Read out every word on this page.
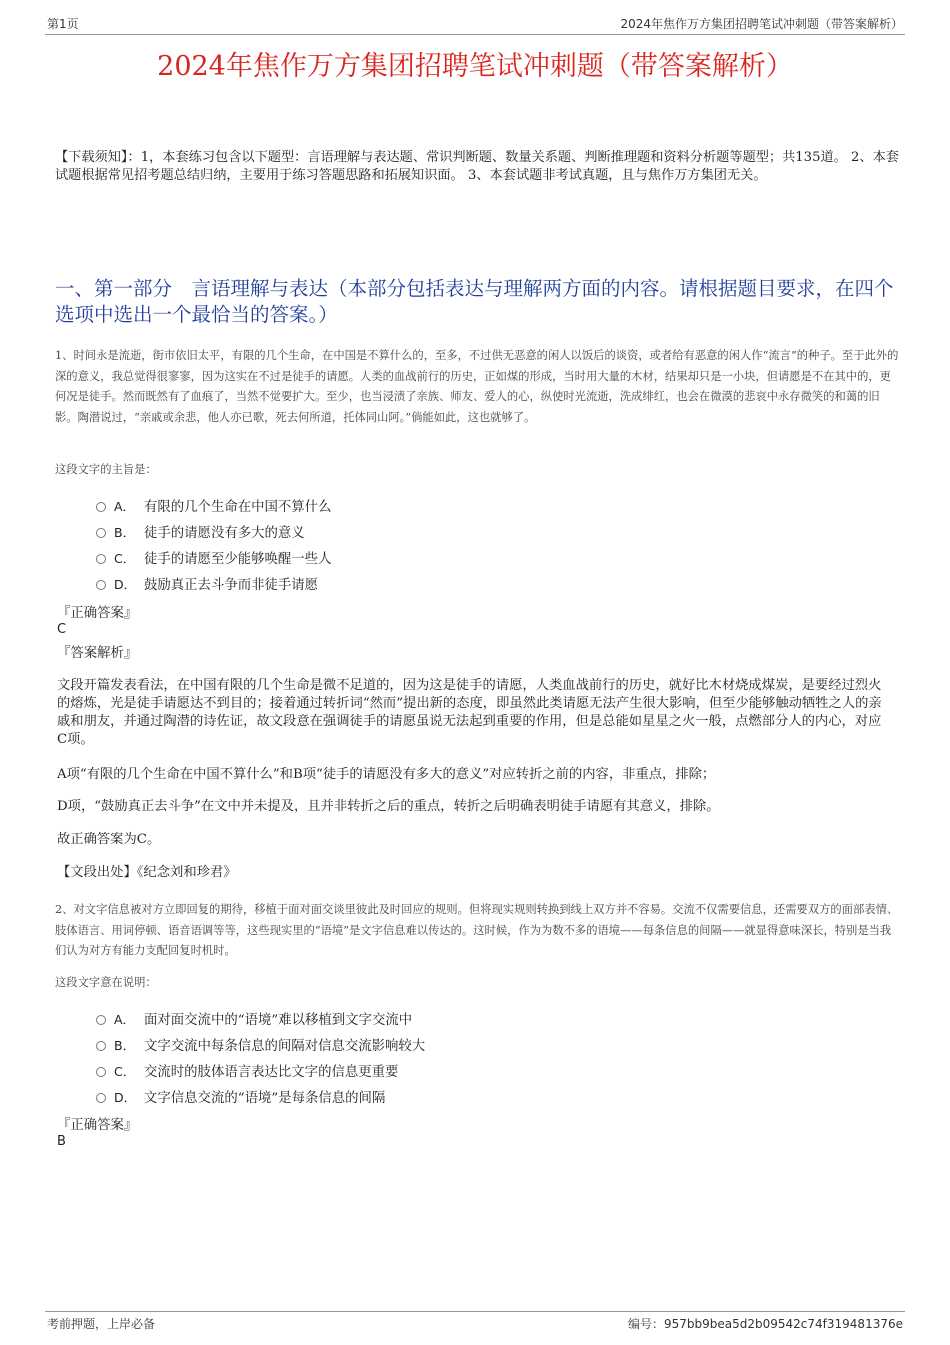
第1页	2024年焦作万方集团招聘笔试冲刺题（带答案解析）
2024年焦作万方集团招聘笔试冲刺题（带答案解析）
【下载须知】：1，本套练习包含以下题型：言语理解与表达题、常识判断题、数量关系题、判断推理题和资料分析题等题型；共135道。 2、本套试题根据常见招考题总结归纳，主要用于练习答题思路和拓展知识面。 3、本套试题非考试真题，且与焦作万方集团无关。
一、第一部分　言语理解与表达（本部分包括表达与理解两方面的内容。请根据题目要求，在四个选项中选出一个最恰当的答案。）
1、时间永是流逝，街市依旧太平，有限的几个生命，在中国是不算什么的，至多，不过供无恶意的闲人以饭后的谈资，或者给有恶意的闲人作“流言”的种子。至于此外的深的意义，我总觉得很寥寥，因为这实在不过是徒手的请愿。人类的血战前行的历史，正如煤的形成，当时用大量的木材，结果却只是一小块，但请愿是不在其中的，更何况是徒手。然而既然有了血痕了，当然不觉要扩大。至少，也当浸渍了亲族、师友、爱人的心，纵使时光流逝，洗成绯红，也会在微漠的悲哀中永存微笑的和蔼的旧影。陶潜说过，“亲戚或余悲，他人亦已歌，死去何所道，托体同山阿。”倘能如此，这也就够了。
这段文字的主旨是：
A． 有限的几个生命在中国不算什么
B． 徒手的请愿没有多大的意义
C． 徒手的请愿至少能够唤醒一些人
D． 鼓励真正去斗争而非徒手请愿
『正确答案』
C
『答案解析』
文段开篇发表看法，在中国有限的几个生命是微不足道的，因为这是徒手的请愿，人类血战前行的历史，就好比木材烧成煤炭，是要经过烈火的熔炼，光是徒手请愿达不到目的；接着通过转折词“然而”提出新的态度，即虽然此类请愿无法产生很大影响，但至少能够触动牺牲之人的亲戚和朋友，并通过陶潜的诗佐证，故文段意在强调徒手的请愿虽说无法起到重要的作用，但是总能如星星之火一般，点燃部分人的内心，对应C项。
A项“有限的几个生命在中国不算什么”和B项“徒手的请愿没有多大的意义”对应转折之前的内容，非重点，排除；
D项，“鼓励真正去斗争”在文中并未提及，且并非转折之后的重点，转折之后明确表明徒手请愿有其意义，排除。
故正确答案为C。
【文段出处】《纪念刘和珍君》
2、对文字信息被对方立即回复的期待，移植于面对面交谈里彼此及时回应的规则。但将现实规则转换到线上双方并不容易。交流不仅需要信息，还需要双方的面部表情、肢体语言、用词停顿、语音语调等等，这些现实里的“语境”是文字信息难以传达的。这时候，作为为数不多的语境——每条信息的间隔——就显得意味深长，特别是当我们认为对方有能力支配回复时机时。
这段文字意在说明：
A． 面对面交流中的“语境”难以移植到文字交流中
B． 文字交流中每条信息的间隔对信息交流影响较大
C． 交流时的肢体语言表达比文字的信息更重要
D． 文字信息交流的“语境”是每条信息的间隔
『正确答案』
B
考前押题，上岸必备	编号：957bb9bea5d2b09542c74f319481376e
